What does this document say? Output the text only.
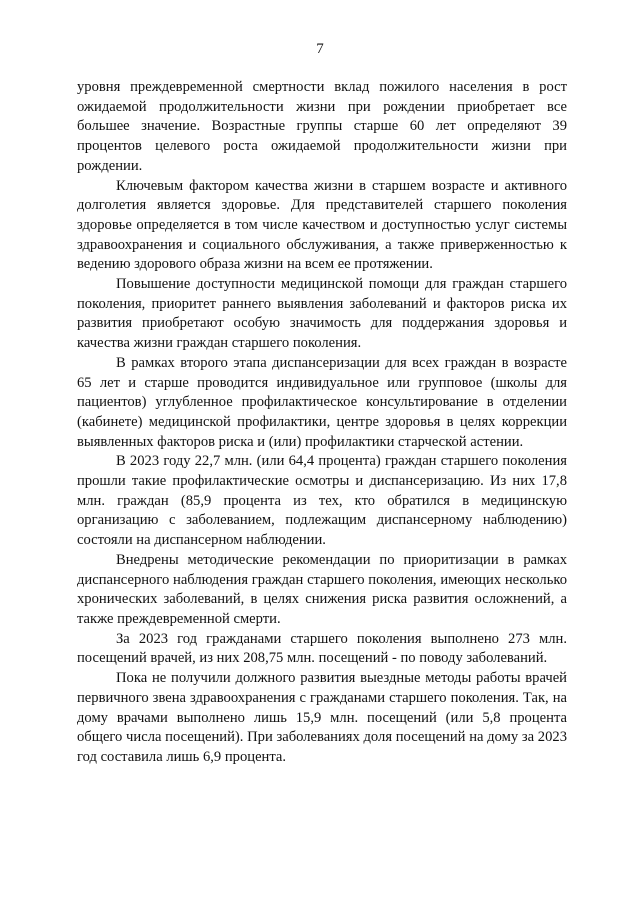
7

уровня преждевременной смертности вклад пожилого населения в рост ожидаемой продолжительности жизни при рождении приобретает все большее значение. Возрастные группы старше 60 лет определяют 39 процентов целевого роста ожидаемой продолжительности жизни при рождении.

Ключевым фактором качества жизни в старшем возрасте и активного долголетия является здоровье. Для представителей старшего поколения здоровье определяется в том числе качеством и доступностью услуг системы здравоохранения и социального обслуживания, а также приверженностью к ведению здорового образа жизни на всем ее протяжении.

Повышение доступности медицинской помощи для граждан старшего поколения, приоритет раннего выявления заболеваний и факторов риска их развития приобретают особую значимость для поддержания здоровья и качества жизни граждан старшего поколения.

В рамках второго этапа диспансеризации для всех граждан в возрасте 65 лет и старше проводится индивидуальное или групповое (школы для пациентов) углубленное профилактическое консультирование в отделении (кабинете) медицинской профилактики, центре здоровья в целях коррекции выявленных факторов риска и (или) профилактики старческой астении.

В 2023 году 22,7 млн. (или 64,4 процента) граждан старшего поколения прошли такие профилактические осмотры и диспансеризацию. Из них 17,8 млн. граждан (85,9 процента из тех, кто обратился в медицинскую организацию с заболеванием, подлежащим диспансерному наблюдению) состояли на диспансерном наблюдении.

Внедрены методические рекомендации по приоритизации в рамках диспансерного наблюдения граждан старшего поколения, имеющих несколько хронических заболеваний, в целях снижения риска развития осложнений, а также преждевременной смерти.

За 2023 год гражданами старшего поколения выполнено 273 млн. посещений врачей, из них 208,75 млн. посещений - по поводу заболеваний.

Пока не получили должного развития выездные методы работы врачей первичного звена здравоохранения с гражданами старшего поколения. Так, на дому врачами выполнено лишь 15,9 млн. посещений (или 5,8 процента общего числа посещений). При заболеваниях доля посещений на дому за 2023 год составила лишь 6,9 процента.
